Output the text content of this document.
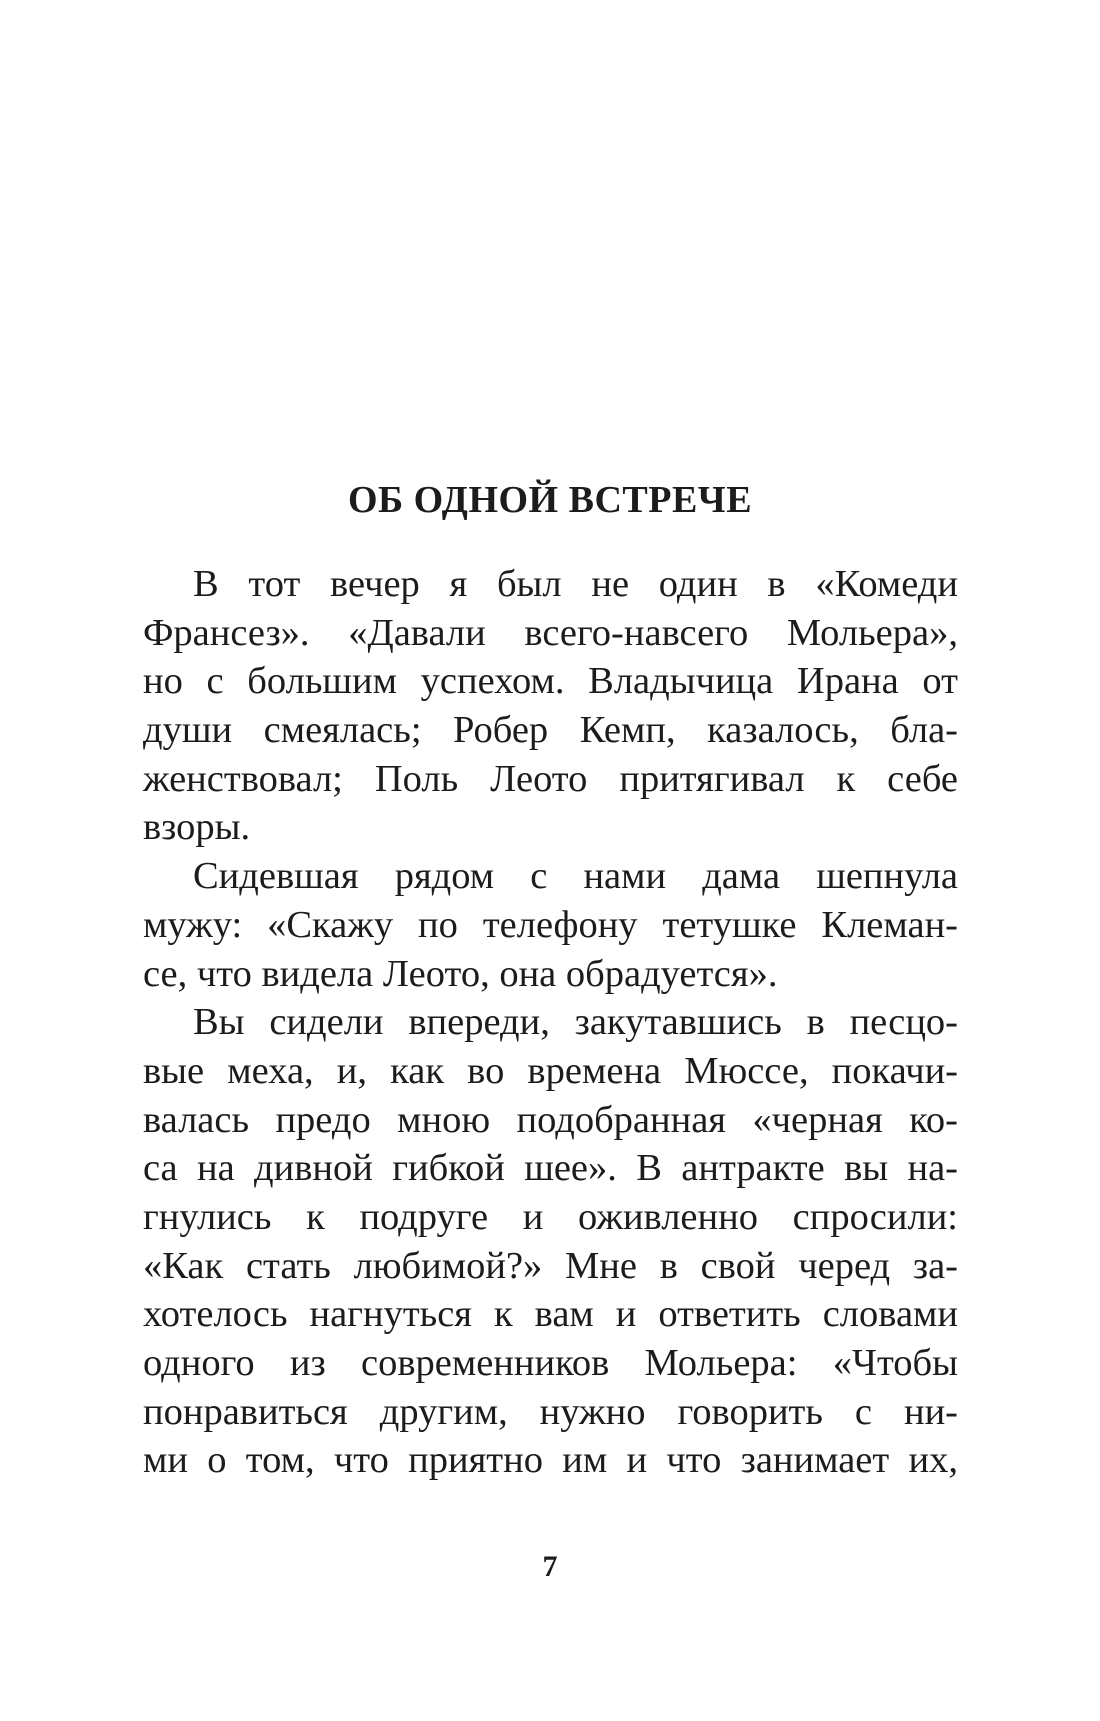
ОБ ОДНОЙ ВСТРЕЧЕ
В тот вечер я был не один в «Комеди
Франсез». «Давали всего-навсего Мольера»,
но с большим успехом. Владычица Ирана от
души смеялась; Робер Кемп, казалось, бла-
женствовал; Поль Леото притягивал к себе
взоры.
Сидевшая рядом с нами дама шепнула
мужу: «Скажу по телефону тетушке Клеман-
се, что видела Леото, она обрадуется».
Вы сидели впереди, закутавшись в песцо-
вые меха, и, как во времена Мюссе, покачи-
валась предо мною подобранная «черная ко-
са на дивной гибкой шее». В антракте вы на-
гнулись к подруге и оживленно спросили:
«Как стать любимой?» Мне в свой черед за-
хотелось нагнуться к вам и ответить словами
одного из современников Мольера: «Чтобы
понравиться другим, нужно говорить с ни-
ми о том, что приятно им и что занимает их,
7
